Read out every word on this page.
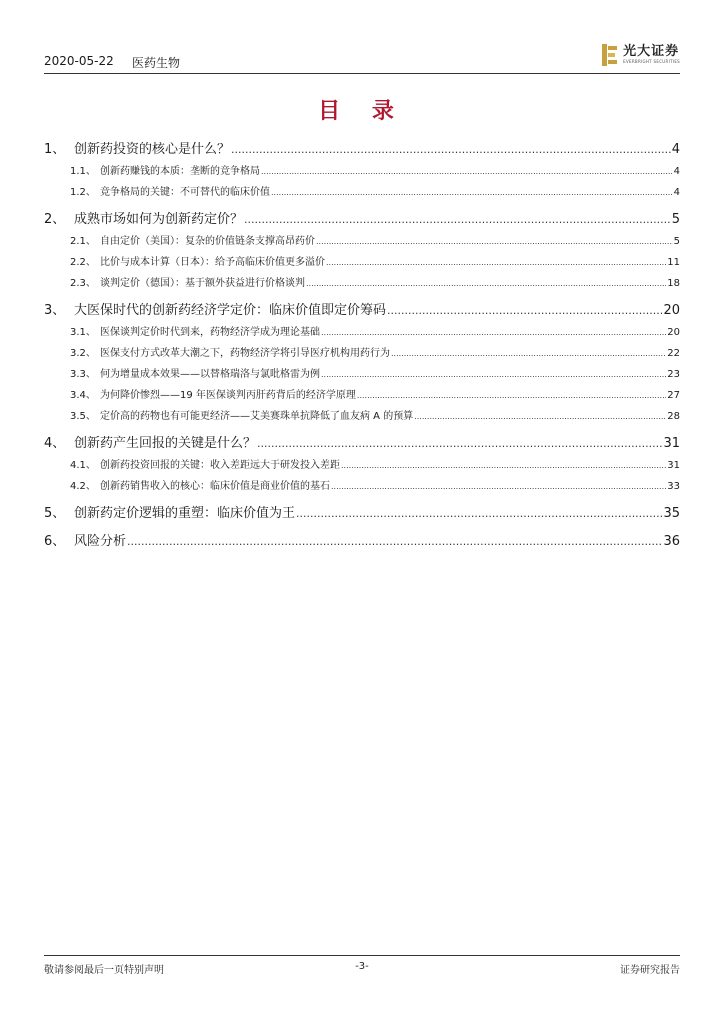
2020-05-22 医药生物
光大证券
EVERBRIGHT SECURITIES
目 录
1、 创新药投资的核心是什么？ .....	4
1.1、 创新药赚钱的本质：垄断的竞争格局 .....	4
1.2、 竞争格局的关键：不可替代的临床价值 .....	4
2、 成熟市场如何为创新药定价？ .....	5
2.1、 自由定价（美国）：复杂的价值链条支撑高昂药价 .....	5
2.2、 比价与成本计算（日本）：给予高临床价值更多溢价 .....	11
2.3、 谈判定价（德国）：基于额外获益进行价格谈判 .....	18
3、 大医保时代的创新药经济学定价：临床价值即定价筹码 .....	20
3.1、 医保谈判定价时代到来，药物经济学成为理论基础 .....	20
3.2、 医保支付方式改革大潮之下，药物经济学将引导医疗机构用药行为 .....	22
3.3、 何为增量成本效果——以替格瑞洛与氯吡格雷为例 .....	23
3.4、 为何降价惨烈——19 年医保谈判丙肝药背后的经济学原理 .....	27
3.5、 定价高的药物也有可能更经济——艾美赛珠单抗降低了血友病 A 的预算 .....	28
4、 创新药产生回报的关键是什么？ .....	31
4.1、 创新药投资回报的关键：收入差距远大于研发投入差距 .....	31
4.2、 创新药销售收入的核心：临床价值是商业价值的基石 .....	33
5、 创新药定价逻辑的重塑：临床价值为王 .....	35
6、 风险分析 .....	36
敬请参阅最后一页特别声明	-3-	证券研究报告
